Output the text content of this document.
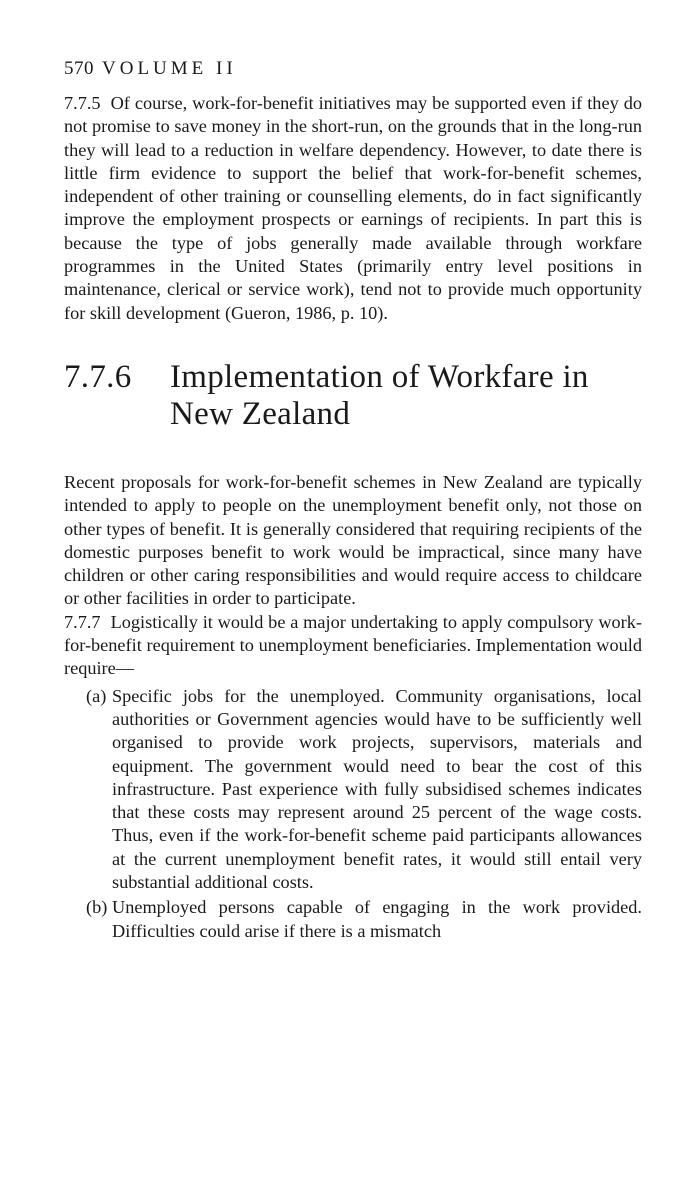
570 VOLUME II

7.7.5 Of course, work-for-benefit initiatives may be supported even if they do not promise to save money in the short-run, on the grounds that in the long-run they will lead to a reduction in welfare dependency. However, to date there is little firm evidence to support the belief that work-for-benefit schemes, independent of other training or counselling elements, do in fact significantly improve the employment prospects or earnings of recipients. In part this is because the type of jobs generally made available through workfare programmes in the United States (primarily entry level positions in maintenance, clerical or service work), tend not to provide much opportunity for skill development (Gueron, 1986, p. 10).

7.7.6	Implementation of Workfare in New Zealand

Recent proposals for work-for-benefit schemes in New Zealand are typically intended to apply to people on the unemployment benefit only, not those on other types of benefit. It is generally considered that requiring recipients of the domestic purposes benefit to work would be impractical, since many have children or other caring responsibilities and would require access to childcare or other facilities in order to participate.

7.7.7 Logistically it would be a major undertaking to apply compulsory work-for-benefit requirement to unemployment beneficiaries. Implementation would require—

(a) Specific jobs for the unemployed. Community organisations, local authorities or Government agencies would have to be sufficiently well organised to provide work projects, supervisors, materials and equipment. The government would need to bear the cost of this infrastructure. Past experience with fully subsidised schemes indicates that these costs may represent around 25 percent of the wage costs. Thus, even if the work-for-benefit scheme paid participants allowances at the current unemployment benefit rates, it would still entail very substantial additional costs.
(b) Unemployed persons capable of engaging in the work provided. Difficulties could arise if there is a mismatch
